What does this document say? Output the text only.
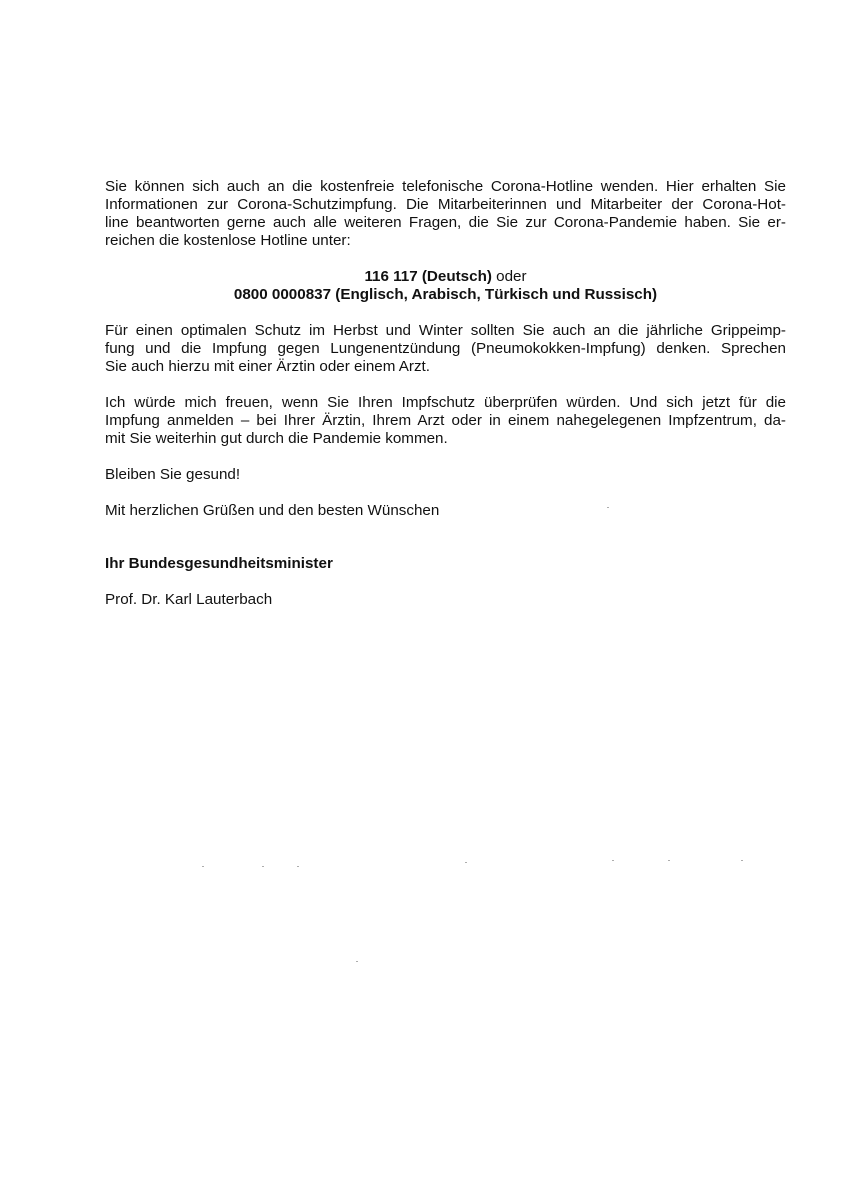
Sie können sich auch an die kostenfreie telefonische Corona-Hotline wenden. Hier erhalten Sie
Informationen zur Corona-Schutzimpfung. Die Mitarbeiterinnen und Mitarbeiter der Corona-Hot-
line beantworten gerne auch alle weiteren Fragen, die Sie zur Corona-Pandemie haben. Sie er-
reichen die kostenlose Hotline unter:

116 117 (Deutsch) oder
0800 0000837 (Englisch, Arabisch, Türkisch und Russisch)

Für einen optimalen Schutz im Herbst und Winter sollten Sie auch an die jährliche Grippeimp-
fung und die Impfung gegen Lungenentzündung (Pneumokokken-Impfung) denken. Sprechen
Sie auch hierzu mit einer Ärztin oder einem Arzt.

Ich würde mich freuen, wenn Sie Ihren Impfschutz überprüfen würden. Und sich jetzt für die
Impfung anmelden – bei Ihrer Ärztin, Ihrem Arzt oder in einem nahegelegenen Impfzentrum, da-
mit Sie weiterhin gut durch die Pandemie kommen.

Bleiben Sie gesund!
Mit herzlichen Grüßen und den besten Wünschen
Ihr Bundesgesundheitsminister
Prof. Dr. Karl Lauterbach
